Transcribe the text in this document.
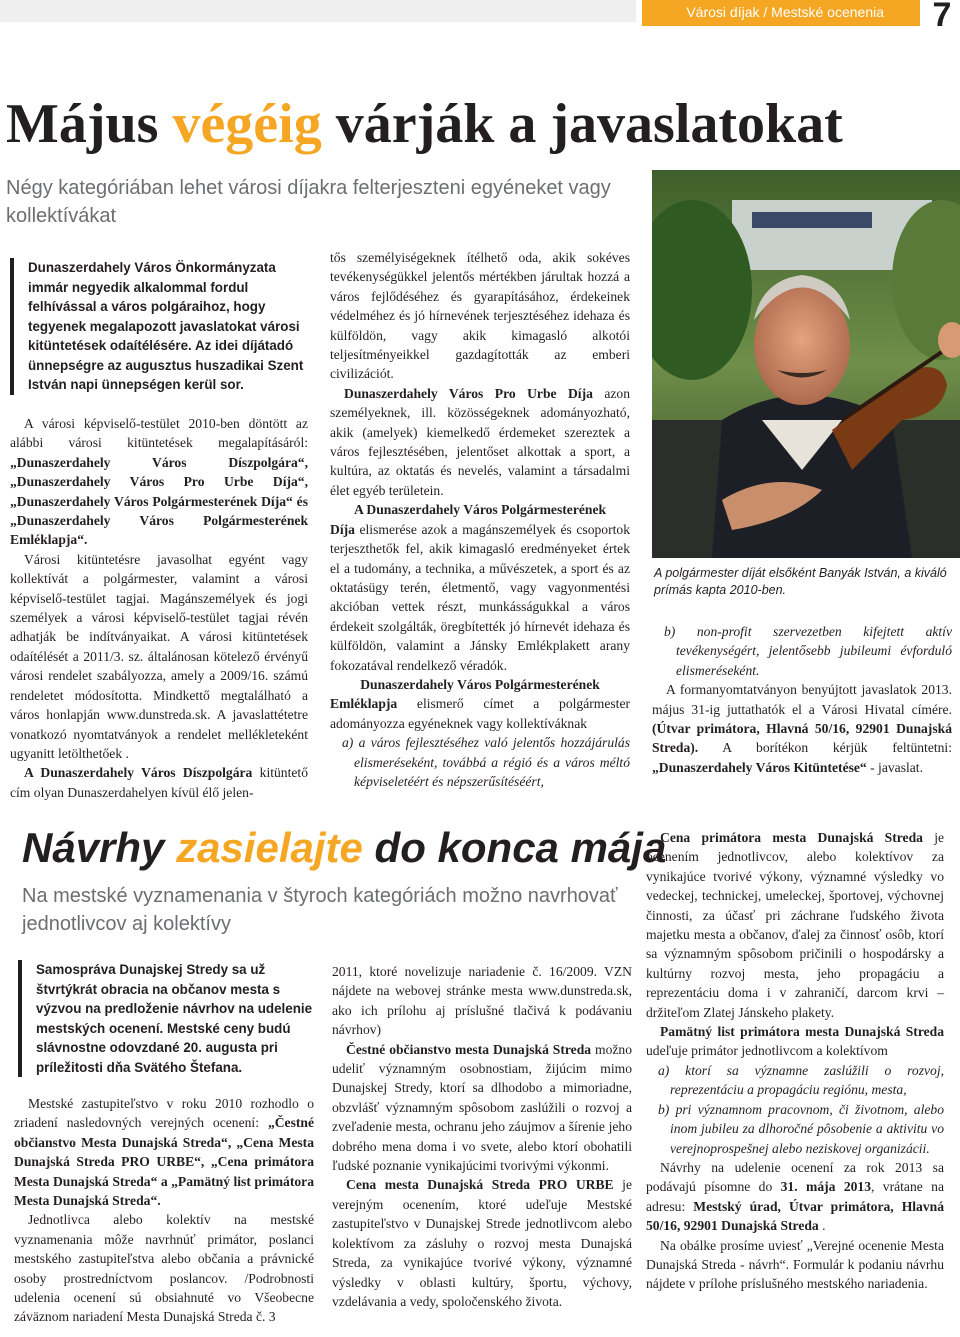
Városi díjak / Mestské ocenenia 7
Május végéig várják a javaslatokat
Négy kategóriában lehet városi díjakra felterjeszteni egyéneket vagy kollektívákat
Dunaszerdahely Város Önkormányzata immár negyedik alkalommal fordul felhívással a város polgáraihoz, hogy tegyenek megalapozott javaslatokat városi kitüntetések odaítélésére. Az idei díjátadó ünnepségre az augusztus huszadikai Szent István napi ünnepségen kerül sor.

A városi képviselő-testület 2010-ben döntött az alábbi városi kitüntetések megalapításáról: „Dunaszerdahely Város Díszpolgára“, „Dunaszerdahely Város Pro Urbe Díja“, „Dunaszerdahely Város Polgármesterének Díja“ és „Dunaszerdahely Város Polgármesterének Emléklapja“.

Városi kitüntetésre javasolhat egyént vagy kollektívát a polgármester, valamint a városi képviselő-testület tagjai. Magánszemélyek és jogi személyek a városi képviselő-testület tagjai révén adhatják be indítványaikat. A városi kitüntetések odaítélését a 2011/3. sz. általánosan kötelező érvényű városi rendelet szabályozza, amely a 2009/16. számú rendeletet módosította. Mindkettő megtalálható a város honlapján www.dunstreda.sk. A javaslattétetre vonatkozó nyomtatványok a rendelet mellékleteként ugyanitt letölthetőek .

A Dunaszerdahely Város Díszpolgára kitüntető cím olyan Dunaszerdahelyen kívül élő jelen-

tős személyiségeknek ítélhető oda, akik sokéves tevékenységükkel jelentős mértékben járultak hozzá a város fejlődéséhez és gyarapításához, érdekeinek védelméhez és jó hírnevének terjesztéséhez idehaza és külföldön, vagy akik kimagasló alkotói teljesítményeikkel gazdagították az emberi civilizációt.

Dunaszerdahely Város Pro Urbe Díja azon személyeknek, ill. közösségeknek adományozható, akik (amelyek) kiemelkedő érdemeket szereztek a város fejlesztésében, jelentőset alkottak a sport, a kultúra, az oktatás és nevelés, valamint a társadalmi élet egyéb területein.

A Dunaszerdahely Város Polgármesterének

Díja elismerése azok a magánszemélyek és csoportok terjeszthetők fel, akik kimagasló eredményeket értek el a tudomány, a technika, a művészetek, a sport és az oktatásügy terén, életmentő, vagy vagyonmentési akcióban vettek részt, munkásságukkal a város érdekeit szolgálták, öregbítették jó hírnevét idehaza és külföldön, valamint a Jánsky Emlékplakett arany fokozatával rendelkező véradók.

Dunaszerdahely Város Polgármesterének

Emléklapja elismerő címet a polgármester adományozza egyéneknek vagy kollektíváknak

a) a város fejlesztéséhez való jelentős hozzájárulás elismeréseként, továbbá a régió és a város méltó képviseletéért és népszerűsítéséért,

A polgármester díját elsőként Banyák István, a kiváló prímás kapta 2010-ben.

b) non-profit szervezetben kifejtett aktív tevékenységért, jelentősebb jubileumi évforduló elismeréseként.

A formanyomtatványon benyújtott javaslatok 2013. május 31-ig juttathatók el a Városi Hivatal címére. (Útvar primátora, Hlavná 50/16, 92901 Dunajská Streda). A borítékon kérjük feltüntetni: „Dunaszerdahely Város Kitüntetése“ - javaslat.

Návrhy zasielajte do konca mája
Na mestské vyznamenania v štyroch kategóriách možno navrhovať jednotlivcov aj kolektívy
Samospráva Dunajskej Stredy sa už štvrtýkrát obracia na občanov mesta s výzvou na predloženie návrhov na udelenie mestských ocenení. Mestské ceny budú slávnostne odovzdané 20. augusta pri príležitosti dňa Svätého Štefana.

Mestské zastupiteľstvo v roku 2010 rozhodlo o zriadení nasledovných verejných ocenení: „Čestné občianstvo Mesta Dunajská Streda“, „Cena Mesta Dunajská Streda PRO URBE“, „Cena primátora Mesta Dunajská Streda“ a „Pamätný list primátora Mesta Dunajská Streda“.

Jednotlivca alebo kolektív na mestské vyznamenania môže navrhnúť primátor, poslanci mestského zastupiteľstva alebo občania a právnické osoby prostredníctvom poslancov. /Podrobnosti udelenia ocenení sú obsiahnuté vo Všeobecne záväznom nariadení Mesta Dunajská Streda č. 3

2011, ktoré novelizuje nariadenie č. 16/2009. VZN nájdete na webovej stránke mesta www.dunstreda.sk, ako ich prílohu aj príslušné tlačivá k podávaniu návrhov)

Čestné občianstvo mesta Dunajská Streda možno udeliť významným osobnostiam, žijúcim mimo Dunajskej Stredy, ktorí sa dlhodobo a mimoriadne, obzvlášť významným spôsobom zaslúžili o rozvoj a zveľadenie mesta, ochranu jeho záujmov a šírenie jeho dobrého mena doma i vo svete, alebo ktorí obohatili ľudské poznanie vynikajúcimi tvorivými výkonmi.

Cena mesta Dunajská Streda PRO URBE je verejným ocenením, ktoré udeľuje Mestské zastupiteľstvo v Dunajskej Strede jednotlivcom alebo kolektívom za zásluhy o rozvoj mesta Dunajská Streda, za vynikajúce tvorivé výkony, významné výsledky v oblasti kultúry, športu, výchovy, vzdelávania a vedy, spoločenského života.

Cena primátora mesta Dunajská Streda je ocenením jednotlivcov, alebo kolektívov za vynikajúce tvorivé výkony, významné výsledky vo vedeckej, technickej, umeleckej, športovej, výchovnej činnosti, za účasť pri záchrane ľudského života majetku mesta a občanov, ďalej za činnosť osôb, ktorí sa významným spôsobom pričinili o hospodársky a kultúrny rozvoj mesta, jeho propagáciu a reprezentáciu doma i v zahraničí, darcom krvi – držiteľom Zlatej Jánskeho plakety.

Pamätný list primátora mesta Dunajská Streda udeľuje primátor jednotlivcom a kolektívom

a) ktorí sa významne zaslúžili o rozvoj, reprezentáciu a propagáciu regiónu, mesta,

b) pri významnom pracovnom, či životnom, alebo inom jubileu za dlhoročné pôsobenie a aktivitu vo verejnoprospešnej alebo neziskovej organizácii.

Návrhy na udelenie ocenení za rok 2013 sa podávajú písomne do 31. mája 2013, vrátane na adresu: Mestský úrad, Útvar primátora, Hlavná 50/16, 92901 Dunajská Streda .

Na obálke prosíme uviesť „Verejné ocenenie Mesta Dunajská Streda - návrh“. Formulár k podaniu návrhu nájdete v prílohe príslušného mestského nariadenia.
